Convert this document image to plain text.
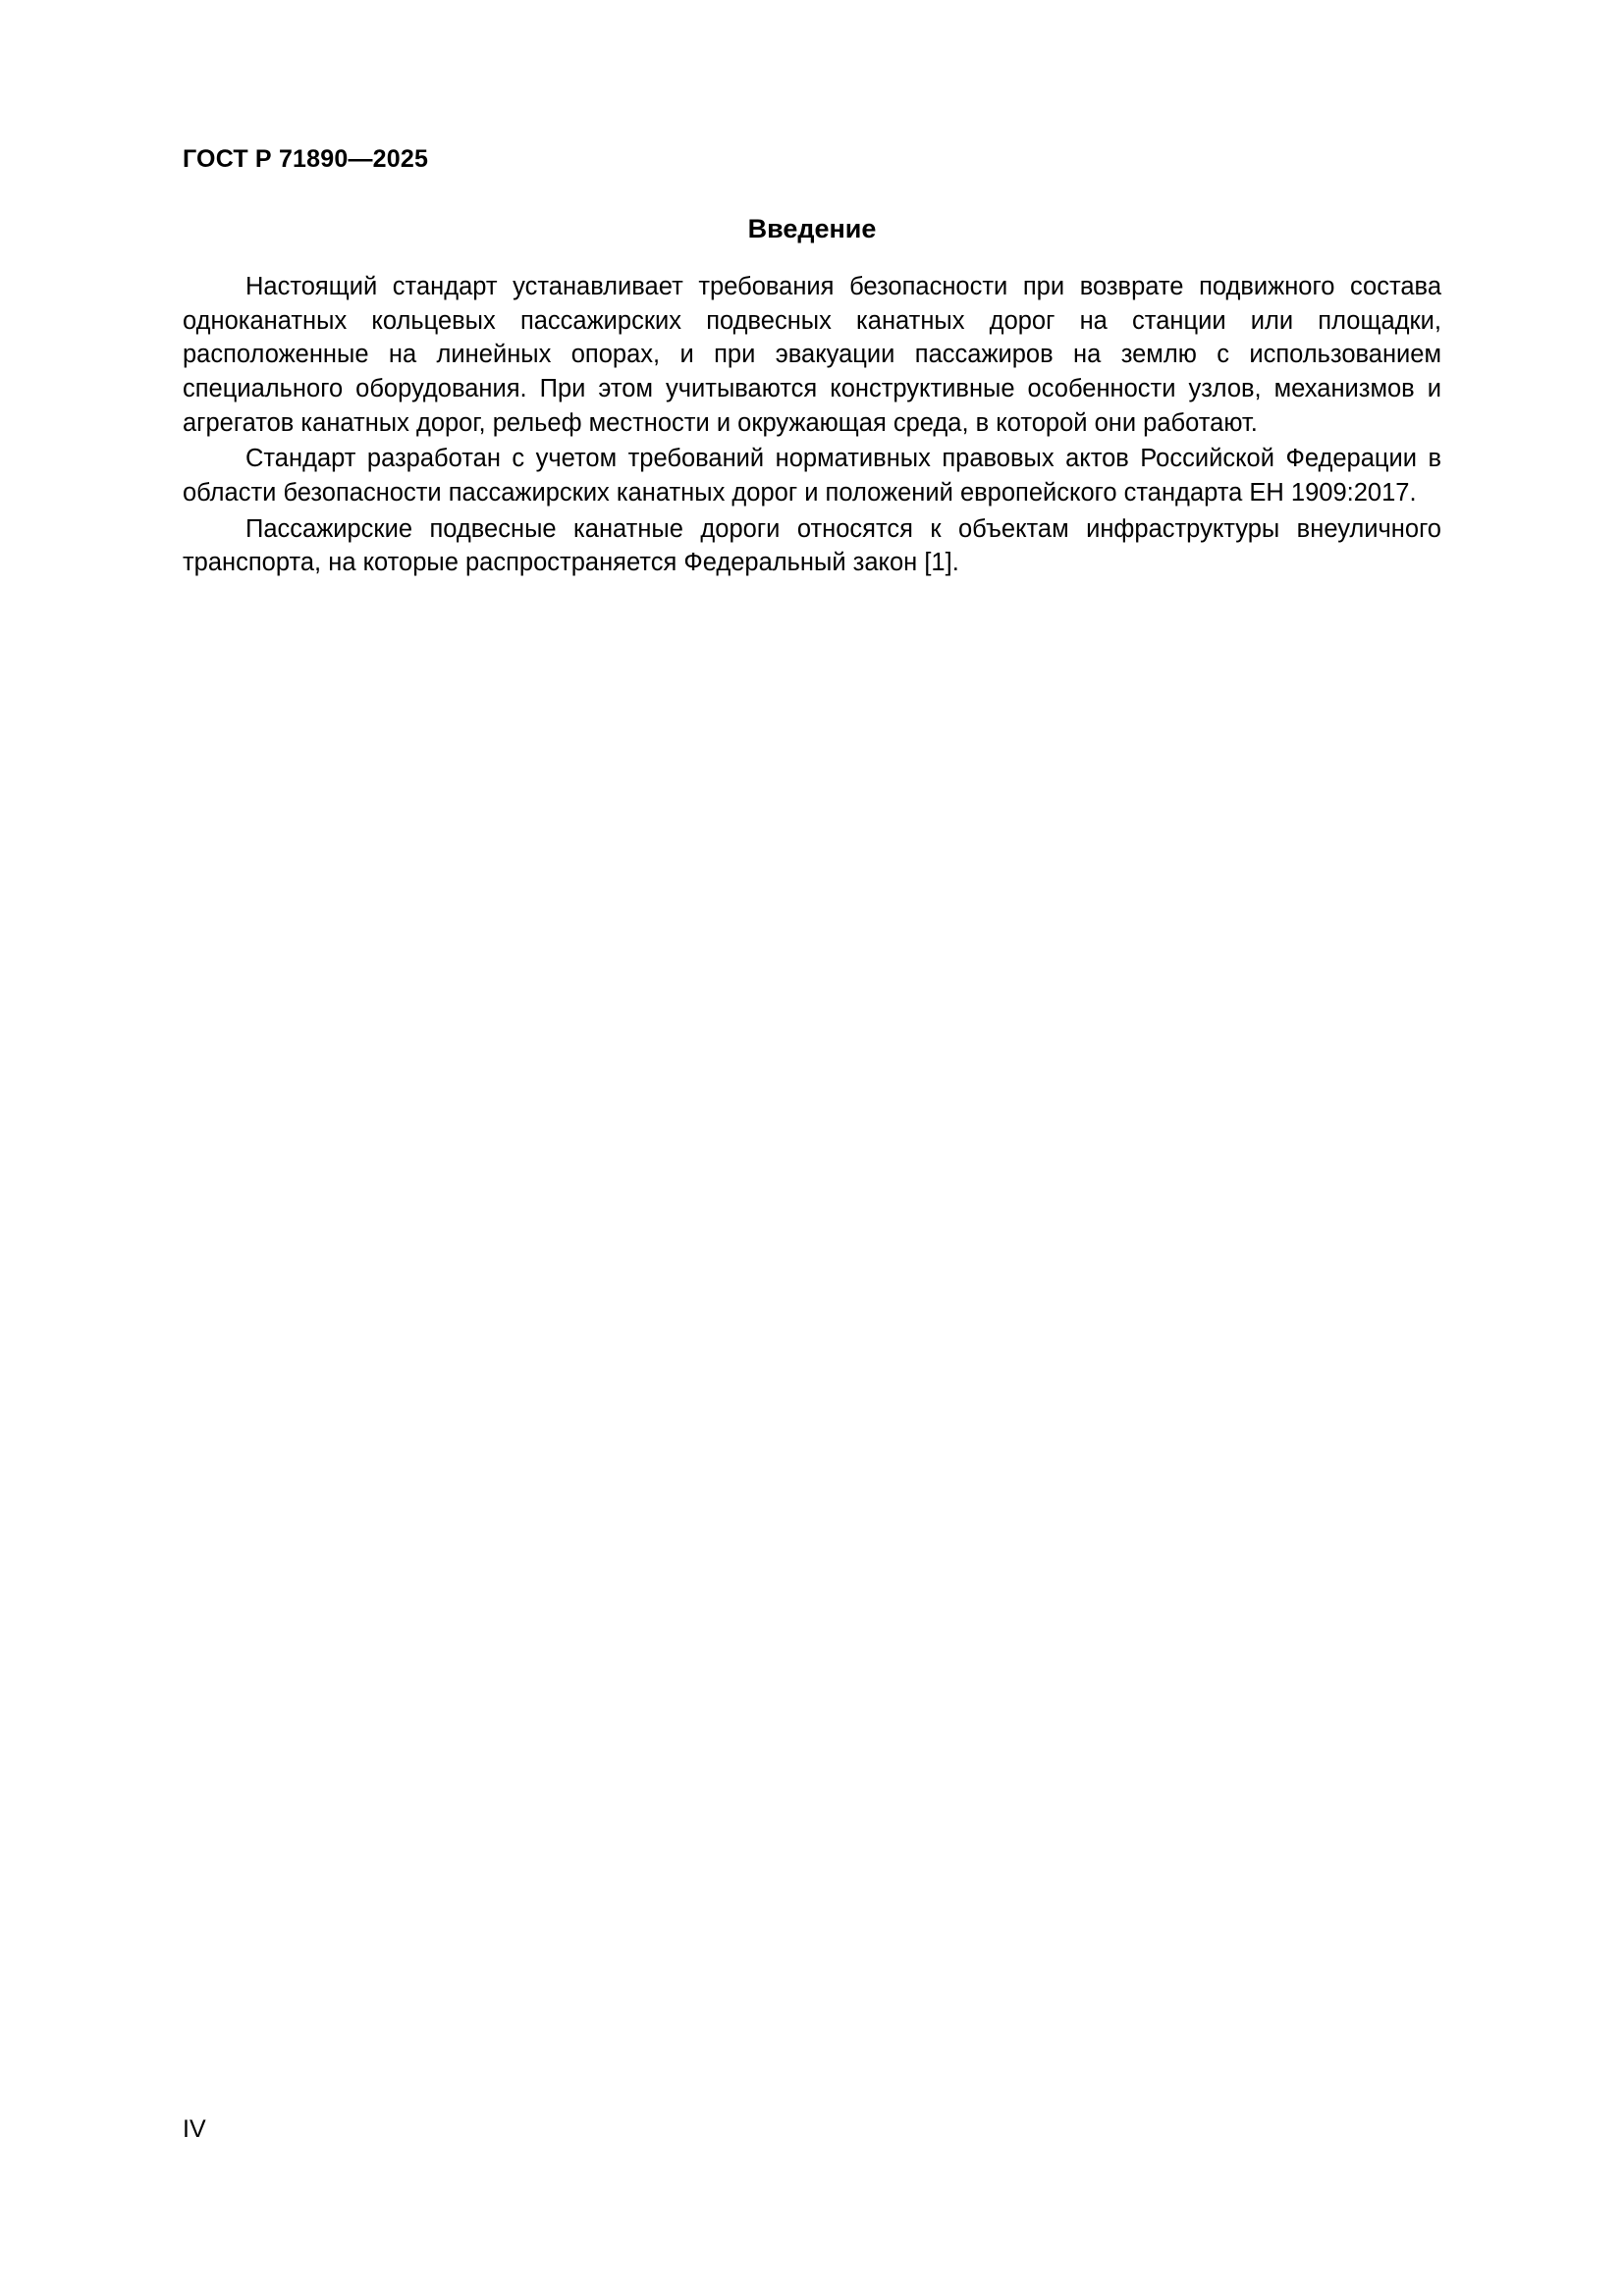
ГОСТ Р 71890—2025
Введение

Настоящий стандарт устанавливает требования безопасности при возврате подвижного состава одноканатных кольцевых пассажирских подвесных канатных дорог на станции или площадки, расположенные на линейных опорах, и при эвакуации пассажиров на землю с использованием специального оборудования. При этом учитываются конструктивные особенности узлов, механизмов и агрегатов канатных дорог, рельеф местности и окружающая среда, в которой они работают.

Стандарт разработан с учетом требований нормативных правовых актов Российской Федерации в области безопасности пассажирских канатных дорог и положений европейского стандарта ЕН 1909:2017.

Пассажирские подвесные канатные дороги относятся к объектам инфраструктуры внеуличного транспорта, на которые распространяется Федеральный закон [1].

IV
